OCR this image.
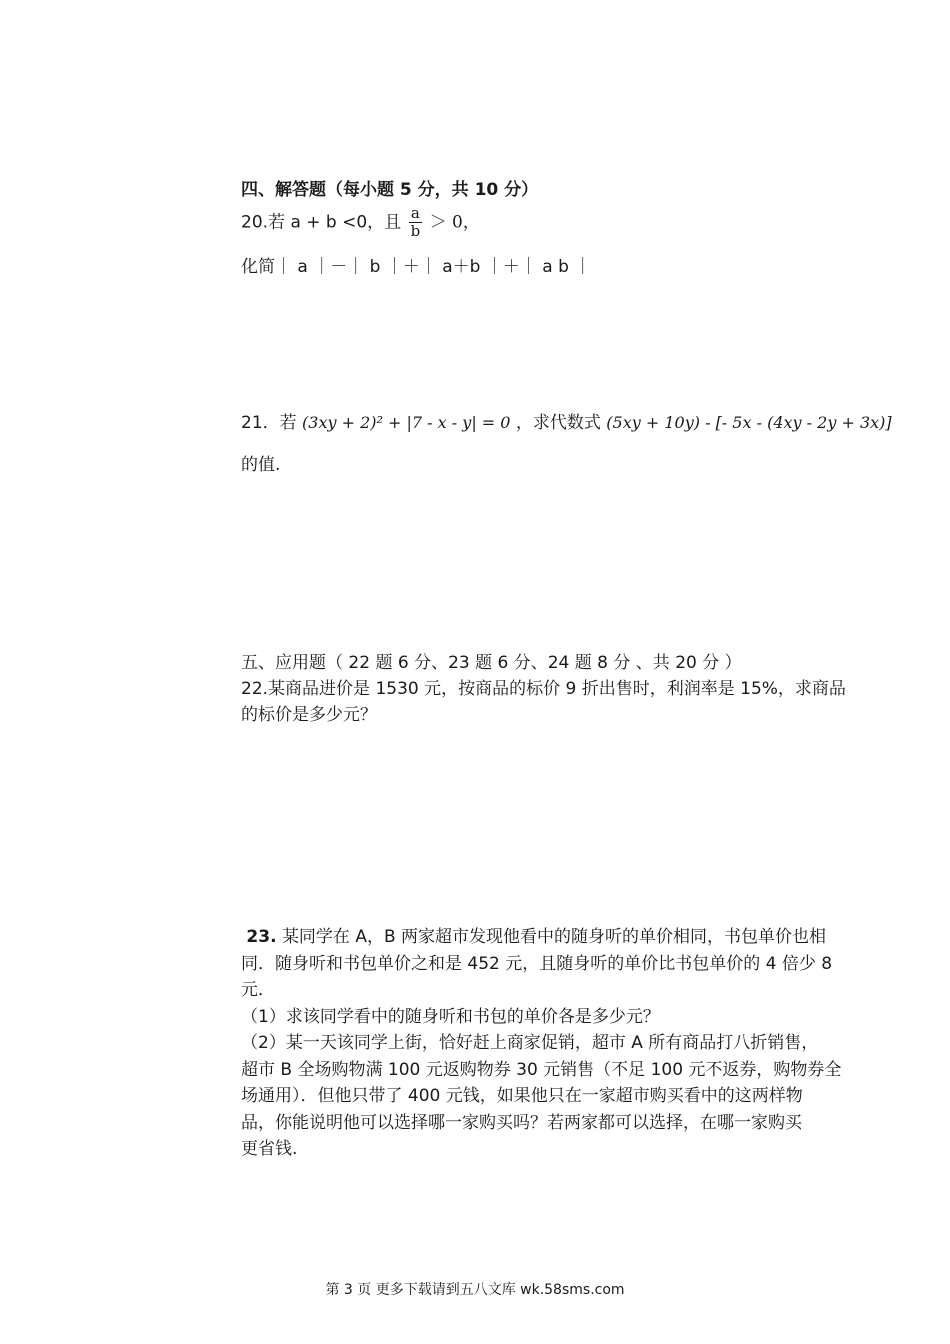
四、解答题（每小题 5 分，共 10 分）
20.若 a + b <0，且 $\frac{a}{b} > 0$，
化简｜ a ｜－｜ b ｜＋｜ a＋b ｜＋｜ a b ｜
21．若 (3xy + 2)² + |7 - x - y| = 0 ，求代数式 (5xy + 10y) - [- 5x - (4xy - 2y + 3x)]
的值.
五、应用题（ 22 题 6 分、23 题 6 分、24 题 8 分 、共 20 分 ）

22.某商品进价是 1530 元，按商品的标价 9 折出售时，利润率是 15%，求商品

的标价是多少元？

23. 某同学在 A，B 两家超市发现他看中的随身听的单价相同，书包单价也相

同．随身听和书包单价之和是 452 元，且随身听的单价比书包单价的 4 倍少 8

元．

（1）求该同学看中的随身听和书包的单价各是多少元？

（2）某一天该同学上街，恰好赶上商家促销，超市 A 所有商品打八折销售，

超市 B 全场购物满 100 元返购物券 30 元销售（不足 100 元不返券，购物券全

场通用）．但他只带了 400 元钱，如果他只在一家超市购买看中的这两样物

品，你能说明他可以选择哪一家购买吗？若两家都可以选择，在哪一家购买

更省钱.

第 3 页 更多下载请到五八文库 wk.58sms.com
